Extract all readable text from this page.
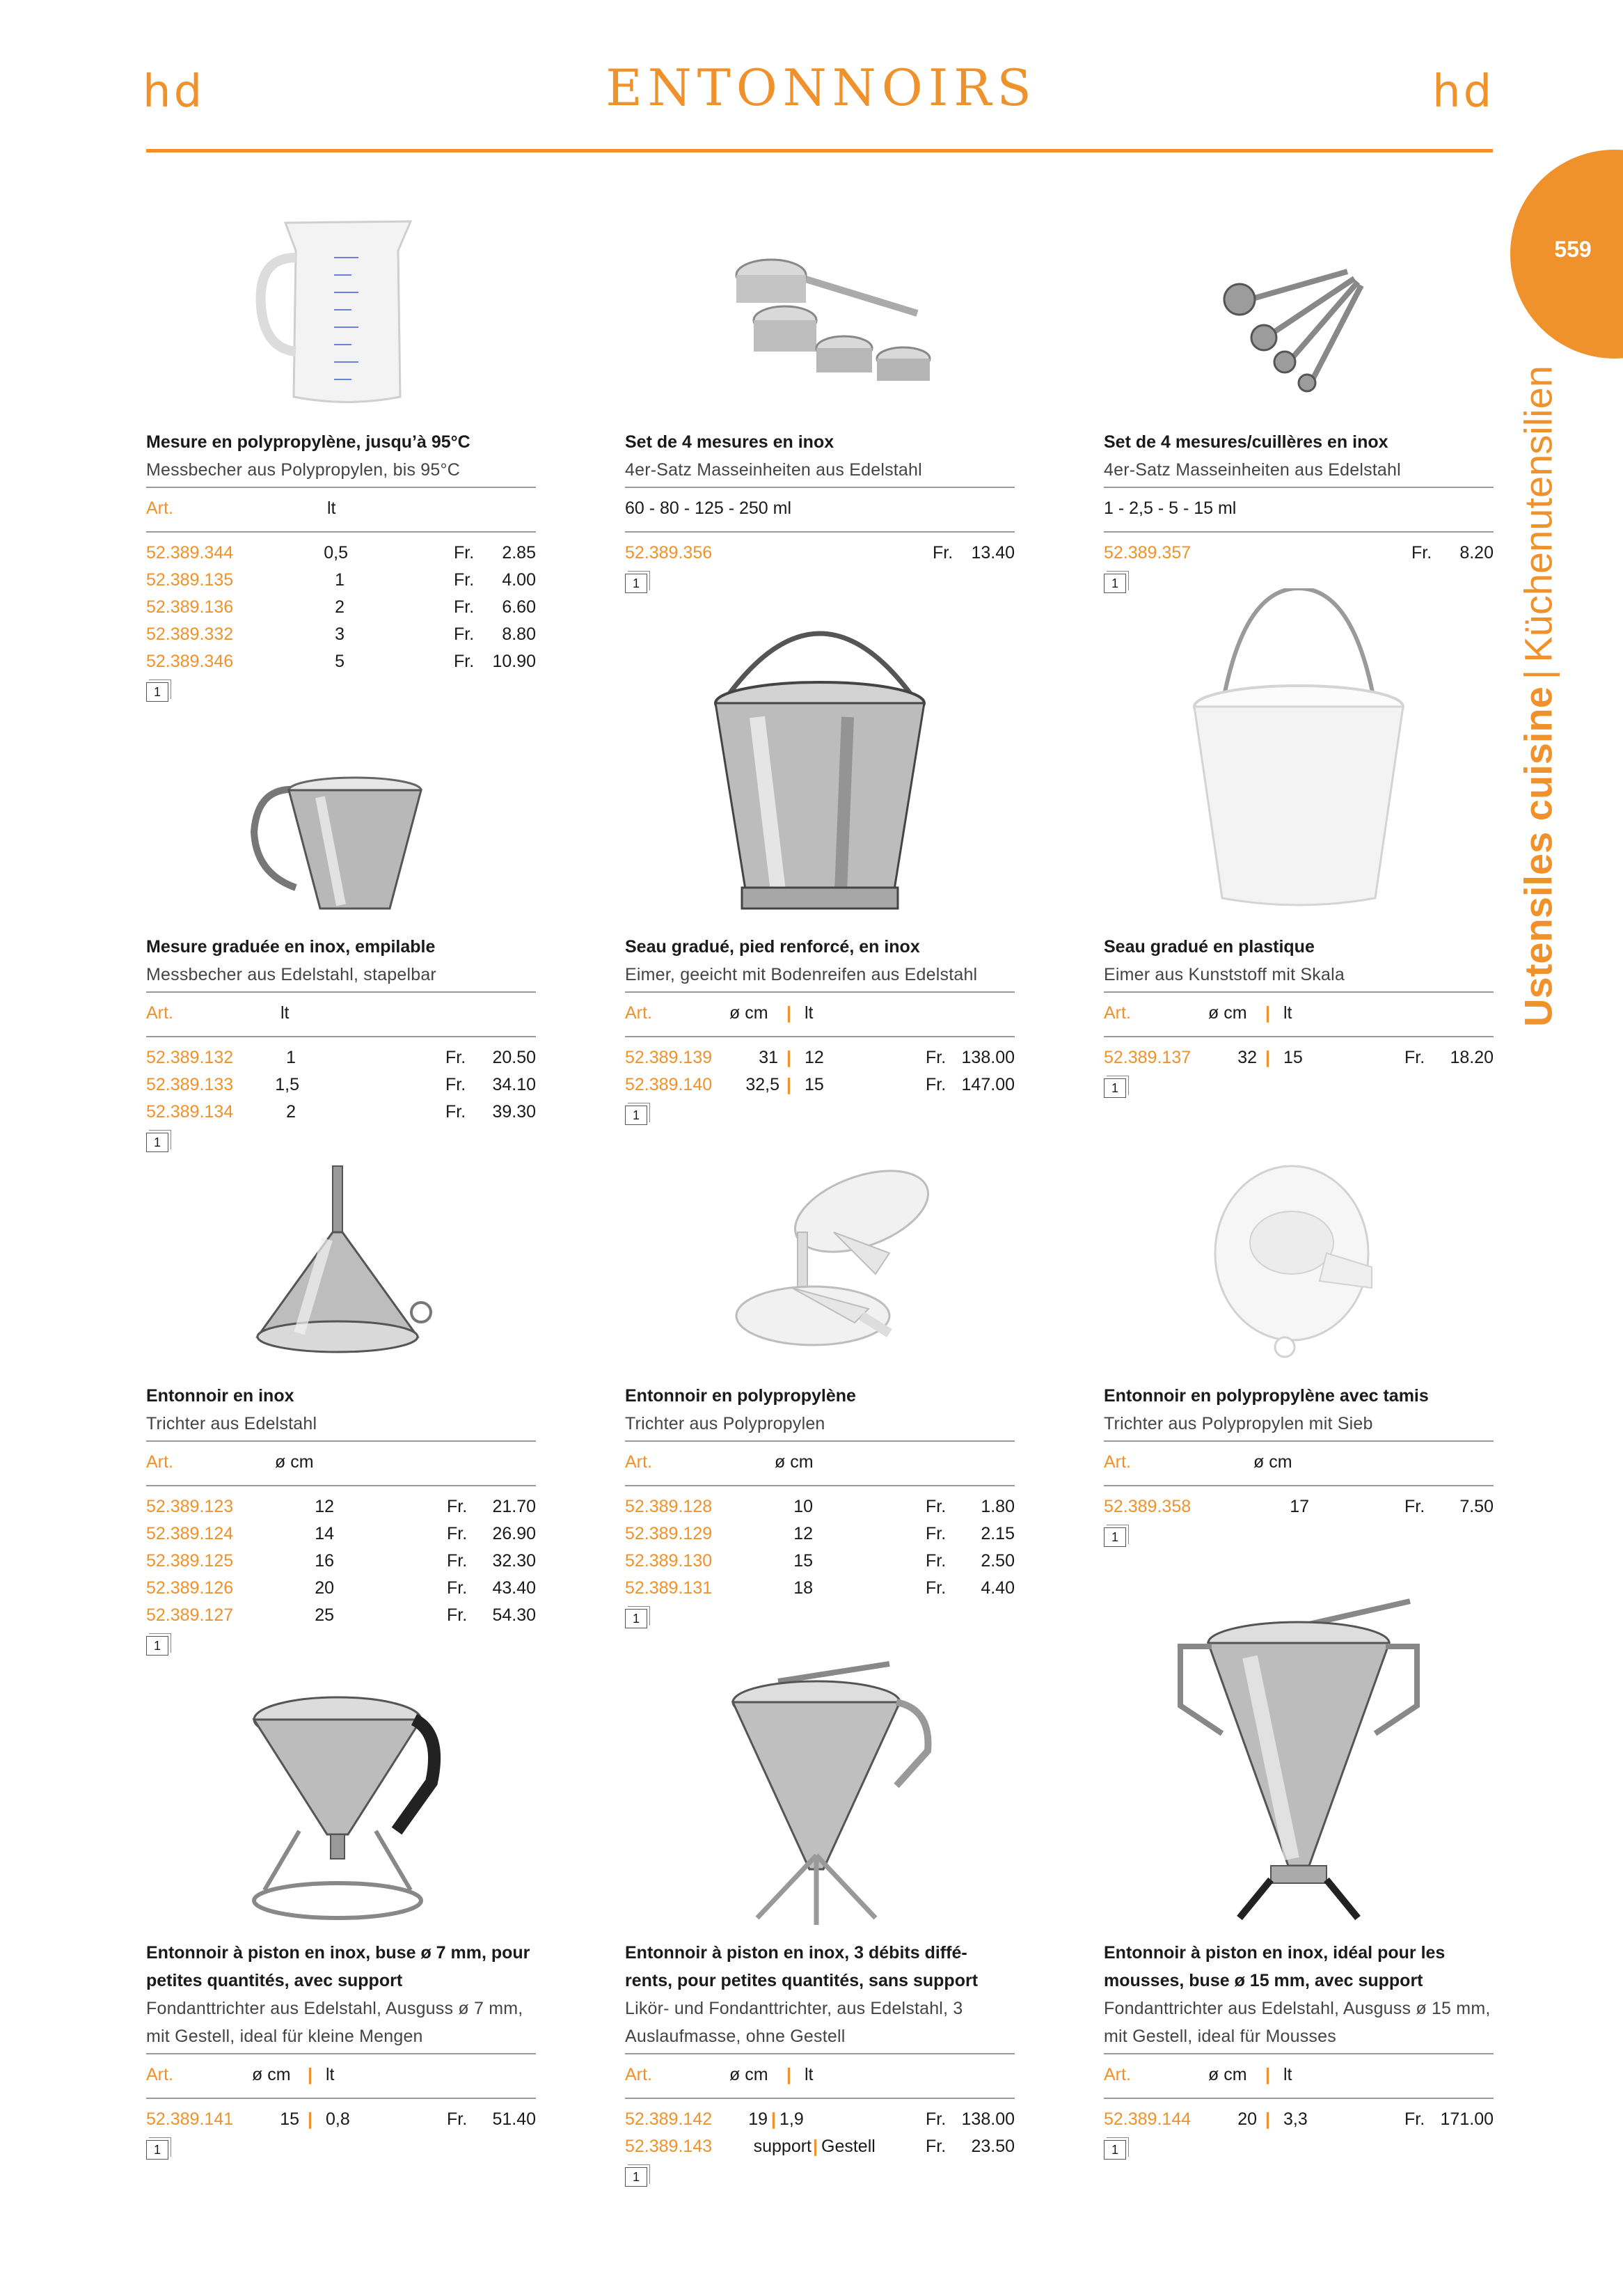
hd	ENTONNOIRS	hd
559
Ustensiles cuisine|Küchenutensilien
Mesure en polypropylène, jusqu’à 95°C
Messbecher aus Polypropylen, bis 95°C
Art.	lt
52.389.344	0,5	Fr. 2.85
52.389.135	1	Fr. 4.00
52.389.136	2	Fr. 6.60
52.389.332	3	Fr. 8.80
52.389.346	5	Fr. 10.90
1
Set de 4 mesures en inox
4er-Satz Masseinheiten aus Edelstahl
60 - 80 - 125 - 250 ml
52.389.356	Fr. 13.40
1
Set de 4 mesures/cuillères en inox
4er-Satz Masseinheiten aus Edelstahl
1 - 2,5 - 5 - 15 ml
52.389.357	Fr. 8.20
1
Mesure graduée en inox, empilable
Messbecher aus Edelstahl, stapelbar
Art.	lt
52.389.132	1	Fr. 20.50
52.389.133 1,5	Fr. 34.10
52.389.134	2	Fr. 39.30
1
Seau gradué, pied renforcé, en inox
Eimer, geeicht mit Bodenreifen aus Edelstahl
Art.	ø cm | lt
52.389.139	31 | 12	Fr. 138.00
52.389.140 32,5 | 15	Fr. 147.00
1
Seau gradué en plastique
Eimer aus Kunststoff mit Skala
Art.	ø cm | lt
52.389.137	32 | 15	Fr. 18.20
1
Entonnoir en inox
Trichter aus Edelstahl
Art.	ø cm
52.389.123	12	Fr. 21.70
52.389.124	14	Fr. 26.90
52.389.125	16	Fr. 32.30
52.389.126	20	Fr. 43.40
52.389.127	25	Fr. 54.30
1
Entonnoir en polypropylène
Trichter aus Polypropylen
Art.	ø cm
52.389.128	10	Fr. 1.80
52.389.129	12	Fr. 2.15
52.389.130	15	Fr. 2.50
52.389.131	18	Fr. 4.40
1
Entonnoir en polypropylène avec tamis
Trichter aus Polypropylen mit Sieb
Art.	ø cm
52.389.358	17	Fr. 7.50
1
Entonnoir à piston en inox, buse ø 7 mm, pour petites quantités, avec support
Fondanttrichter aus Edelstahl, Ausguss ø 7 mm, mit Gestell, ideal für kleine Mengen
Art.	ø cm | lt
52.389.141	15 | 0,8	Fr. 51.40
1
Entonnoir à piston en inox, 3 débits diffé- rents, pour petites quantités, sans support
Likör- und Fondanttrichter, aus Edelstahl, 3 Auslaufmasse, ohne Gestell
Art.	ø cm | lt
52.389.142 19 | 1,9	Fr. 138.00
52.389.143 support | Gestell	Fr. 23.50
1
Entonnoir à piston en inox, idéal pour les mousses, buse ø 15 mm, avec support
Fondanttrichter aus Edelstahl, Ausguss ø 15 mm, mit Gestell, ideal für Mousses
Art.	ø cm | lt
52.389.144	20 | 3,3	Fr. 171.00
1
